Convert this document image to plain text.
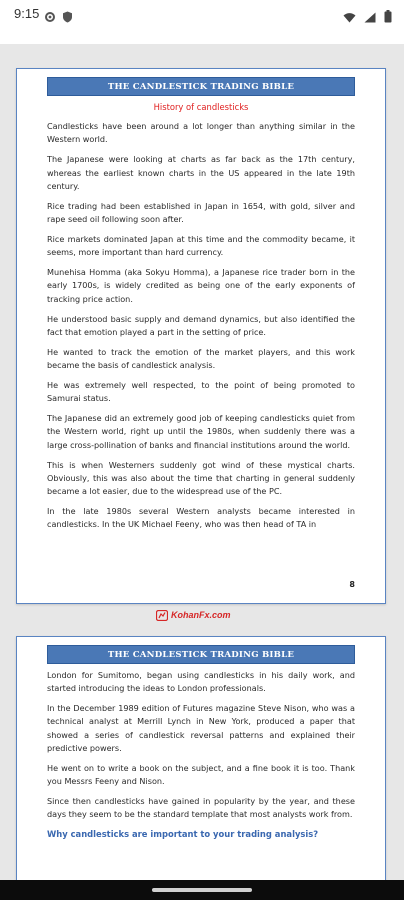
9:15
THE CANDLESTICK TRADING BIBLE
History of candlesticks

Candlesticks have been around a lot longer than anything similar in the Western world.

The Japanese were looking at charts as far back as the 17th century, whereas the earliest known charts in the US appeared in the late 19th century.

Rice trading had been established in Japan in 1654, with gold, silver and rape seed oil following soon after.

Rice markets dominated Japan at this time and the commodity became, it seems, more important than hard currency.

Munehisa Homma (aka Sokyu Homma), a Japanese rice trader born in the early 1700s, is widely credited as being one of the early exponents of tracking price action.

He understood basic supply and demand dynamics, but also identified the fact that emotion played a part in the setting of price.

He wanted to track the emotion of the market players, and this work became the basis of candlestick analysis.

He was extremely well respected, to the point of being promoted to Samurai status.

The Japanese did an extremely good job of keeping candlesticks quiet from the Western world, right up until the 1980s, when suddenly there was a large cross-pollination of banks and financial institutions around the world.

This is when Westerners suddenly got wind of these mystical charts. Obviously, this was also about the time that charting in general suddenly became a lot easier, due to the widespread use of the PC.

In the late 1980s several Western analysts became interested in candlesticks. In the UK Michael Feeny, who was then head of TA in

8
KohanFx.com
THE CANDLESTICK TRADING BIBLE

London for Sumitomo, began using candlesticks in his daily work, and started introducing the ideas to London professionals.

In the December 1989 edition of Futures magazine Steve Nison, who was a technical analyst at Merrill Lynch in New York, produced a paper that showed a series of candlestick reversal patterns and explained their predictive powers.

He went on to write a book on the subject, and a fine book it is too. Thank you Messrs Feeny and Nison.

Since then candlesticks have gained in popularity by the year, and these days they seem to be the standard template that most analysts work from.

Why candlesticks are important to your trading analysis?
